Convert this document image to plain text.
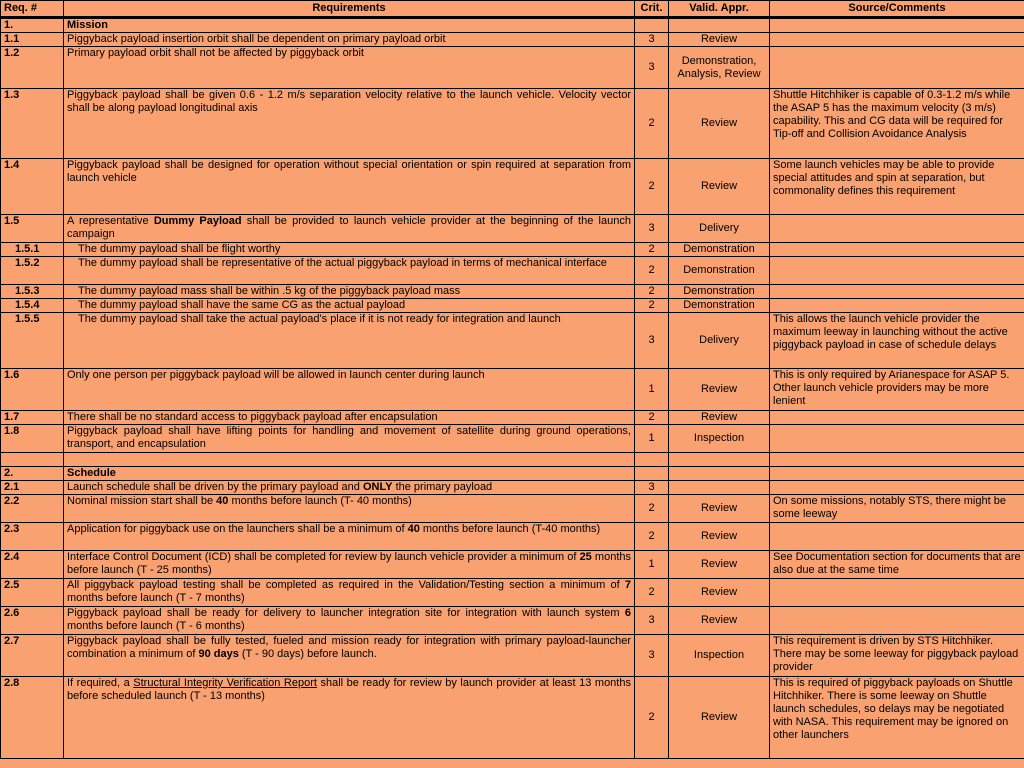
Req. #	Requirements	Crit.	Valid. Appr.	Source/Comments
1.	Mission			
1.1	Piggyback payload insertion orbit shall be dependent on primary payload orbit	3	Review	
1.2	Primary payload orbit shall not be affected by piggyback orbit	3	Demonstration, Analysis, Review	
1.3	Piggyback payload shall be given 0.6 - 1.2 m/s separation velocity relative to the launch vehicle. Velocity vector shall be along payload longitudinal axis	2	Review	Shuttle Hitchhiker is capable of 0.3-1.2 m/s while the ASAP 5 has the maximum velocity (3 m/s) capability. This and CG data will be required for Tip-off and Collision Avoidance Analysis
1.4	Piggyback payload shall be designed for operation without special orientation or spin required at separation from launch vehicle	2	Review	Some launch vehicles may be able to provide special attitudes and spin at separation, but commonality defines this requirement
1.5	A representative Dummy Payload shall be provided to launch vehicle provider at the beginning of the launch campaign	3	Delivery	
1.5.1	The dummy payload shall be flight worthy	2	Demonstration	
1.5.2	The dummy payload shall be representative of the actual piggyback payload in terms of mechanical interface	2	Demonstration	
1.5.3	The dummy payload mass shall be within .5 kg of the piggyback payload mass	2	Demonstration	
1.5.4	The dummy payload shall have the same CG as the actual payload	2	Demonstration	
1.5.5	The dummy payload shall take the actual payload's place if it is not ready for integration and launch	3	Delivery	This allows the launch vehicle provider the maximum leeway in launching without the active piggyback payload in case of schedule delays
1.6	Only one person per piggyback payload will be allowed in launch center during launch	1	Review	This is only required by Arianespace for ASAP 5. Other launch vehicle providers may be more lenient
1.7	There shall be no standard access to piggyback payload after encapsulation	2	Review	
1.8	Piggyback payload shall have lifting points for handling and movement of satellite during ground operations, transport, and encapsulation	1	Inspection	

2.	Schedule			
2.1	Launch schedule shall be driven by the primary payload and ONLY the primary payload	3		
2.2	Nominal mission start shall be 40 months before launch (T- 40 months)	2	Review	On some missions, notably STS, there might be some leeway
2.3	Application for piggyback use on the launchers shall be a minimum of 40 months before launch (T-40 months)	2	Review	
2.4	Interface Control Document (ICD) shall be completed for review by launch vehicle provider a minimum of 25 months before launch (T - 25 months)	1	Review	See Documentation section for documents that are also due at the same time
2.5	All piggyback payload testing shall be completed as required in the Validation/Testing section a minimum of 7 months before launch (T - 7 months)	2	Review	
2.6	Piggyback payload shall be ready for delivery to launcher integration site for integration with launch system 6 months before launch (T - 6 months)	3	Review	
2.7	Piggyback payload shall be fully tested, fueled and mission ready for integration with primary payload-launcher combination a minimum of 90 days (T - 90 days) before launch.	3	Inspection	This requirement is driven by STS Hitchhiker. There may be some leeway for piggyback payload provider
2.8	If required, a Structural Integrity Verification Report shall be ready for review by launch provider at least 13 months before scheduled launch (T - 13 months)	2	Review	This is required of piggyback payloads on Shuttle Hitchhiker. There is some leeway on Shuttle launch schedules, so delays may be negotiated with NASA. This requirement may be ignored on other launchers
